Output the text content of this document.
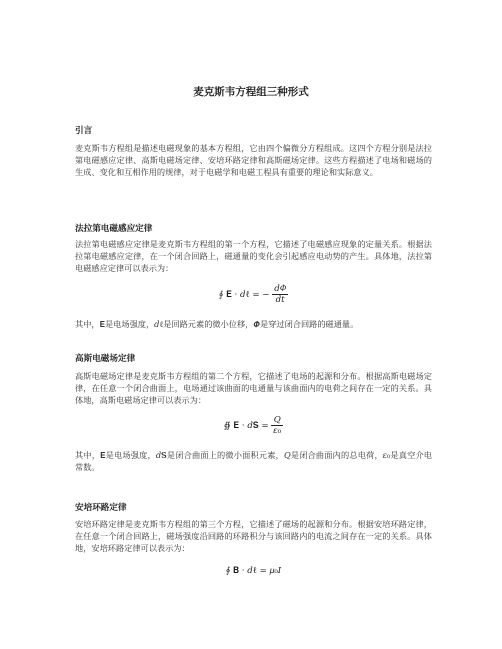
麦克斯韦方程组三种形式
引言
麦克斯韦方程组是描述电磁现象的基本方程组，它由四个偏微分方程组成。这四个方程分别是法拉第电磁感应定律、高斯电磁场定律、安培环路定律和高斯磁场定律。这些方程描述了电场和磁场的生成、变化和互相作用的规律，对于电磁学和电磁工程具有重要的理论和实际意义。
法拉第电磁感应定律
法拉第电磁感应定律是麦克斯韦方程组的第一个方程，它描述了电磁感应现象的定量关系。根据法拉第电磁感应定律，在一个闭合回路上，磁通量的变化会引起感应电动势的产生。具体地，法拉第电磁感应定律可以表示为：
∮ 𝐄 · 𝑑ℓ = − $\frac{\text{𝑑𝛷}}{\text{𝑑𝑡}}$
其中，𝐄是电场强度，𝑑ℓ是回路元素的微小位移，𝜱是穿过闭合回路的磁通量。
高斯电磁场定律
高斯电磁场定律是麦克斯韦方程组的第二个方程，它描述了电场的起源和分布。根据高斯电磁场定律，在任意一个闭合曲面上，电场通过该曲面的电通量与该曲面内的电荷之间存在一定的关系。具体地，高斯电磁场定律可以表示为：
∯ 𝐄 · 𝑑𝐒 = $\frac{\text{𝑄}}{\text{𝜀₀}}$
其中，𝐄是电场强度，𝑑𝐒是闭合曲面上的微小面积元素，𝑄是闭合曲面内的总电荷，𝜀₀是真空介电常数。
安培环路定律
安培环路定律是麦克斯韦方程组的第三个方程，它描述了磁场的起源和分布。根据安培环路定律，在任意一个闭合回路上，磁场强度沿回路的环路积分与该回路内的电流之间存在一定的关系。具体地，安培环路定律可以表示为：
∮ 𝐁 · 𝑑ℓ = 𝜇₀𝐼
